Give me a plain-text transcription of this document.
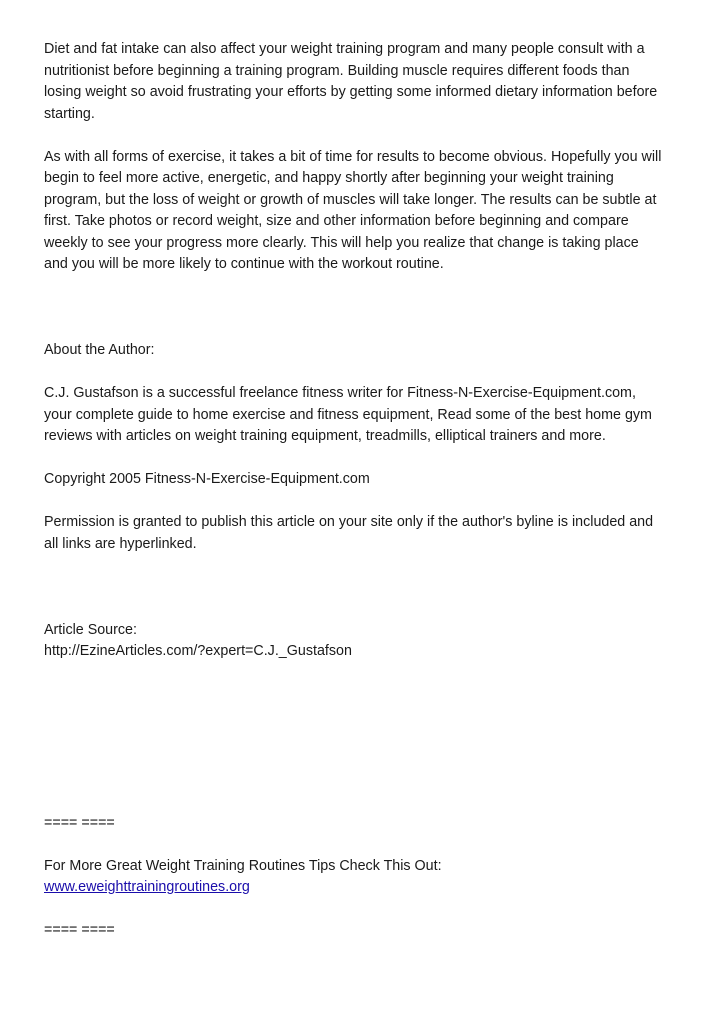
Diet and fat intake can also affect your weight training program and many people consult with a
nutritionist before beginning a training program. Building muscle requires different foods than
losing weight so avoid frustrating your efforts by getting some informed dietary information before
starting.

As with all forms of exercise, it takes a bit of time for results to become obvious. Hopefully you will
begin to feel more active, energetic, and happy shortly after beginning your weight training
program, but the loss of weight or growth of muscles will take longer. The results can be subtle at
first. Take photos or record weight, size and other information before beginning and compare
weekly to see your progress more clearly. This will help you realize that change is taking place
and you will be more likely to continue with the workout routine.

About the Author:

C.J. Gustafson is a successful freelance fitness writer for Fitness-N-Exercise-Equipment.com,
your complete guide to home exercise and fitness equipment, Read some of the best home gym
reviews with articles on weight training equipment, treadmills, elliptical trainers and more.

Copyright 2005 Fitness-N-Exercise-Equipment.com

Permission is granted to publish this article on your site only if the author's byline is included and
all links are hyperlinked.

Article Source:

http://EzineArticles.com/?expert=C.J._Gustafson

==== ====

For More Great Weight Training Routines Tips Check This Out:

www.eweighttrainingroutines.org

==== ====
